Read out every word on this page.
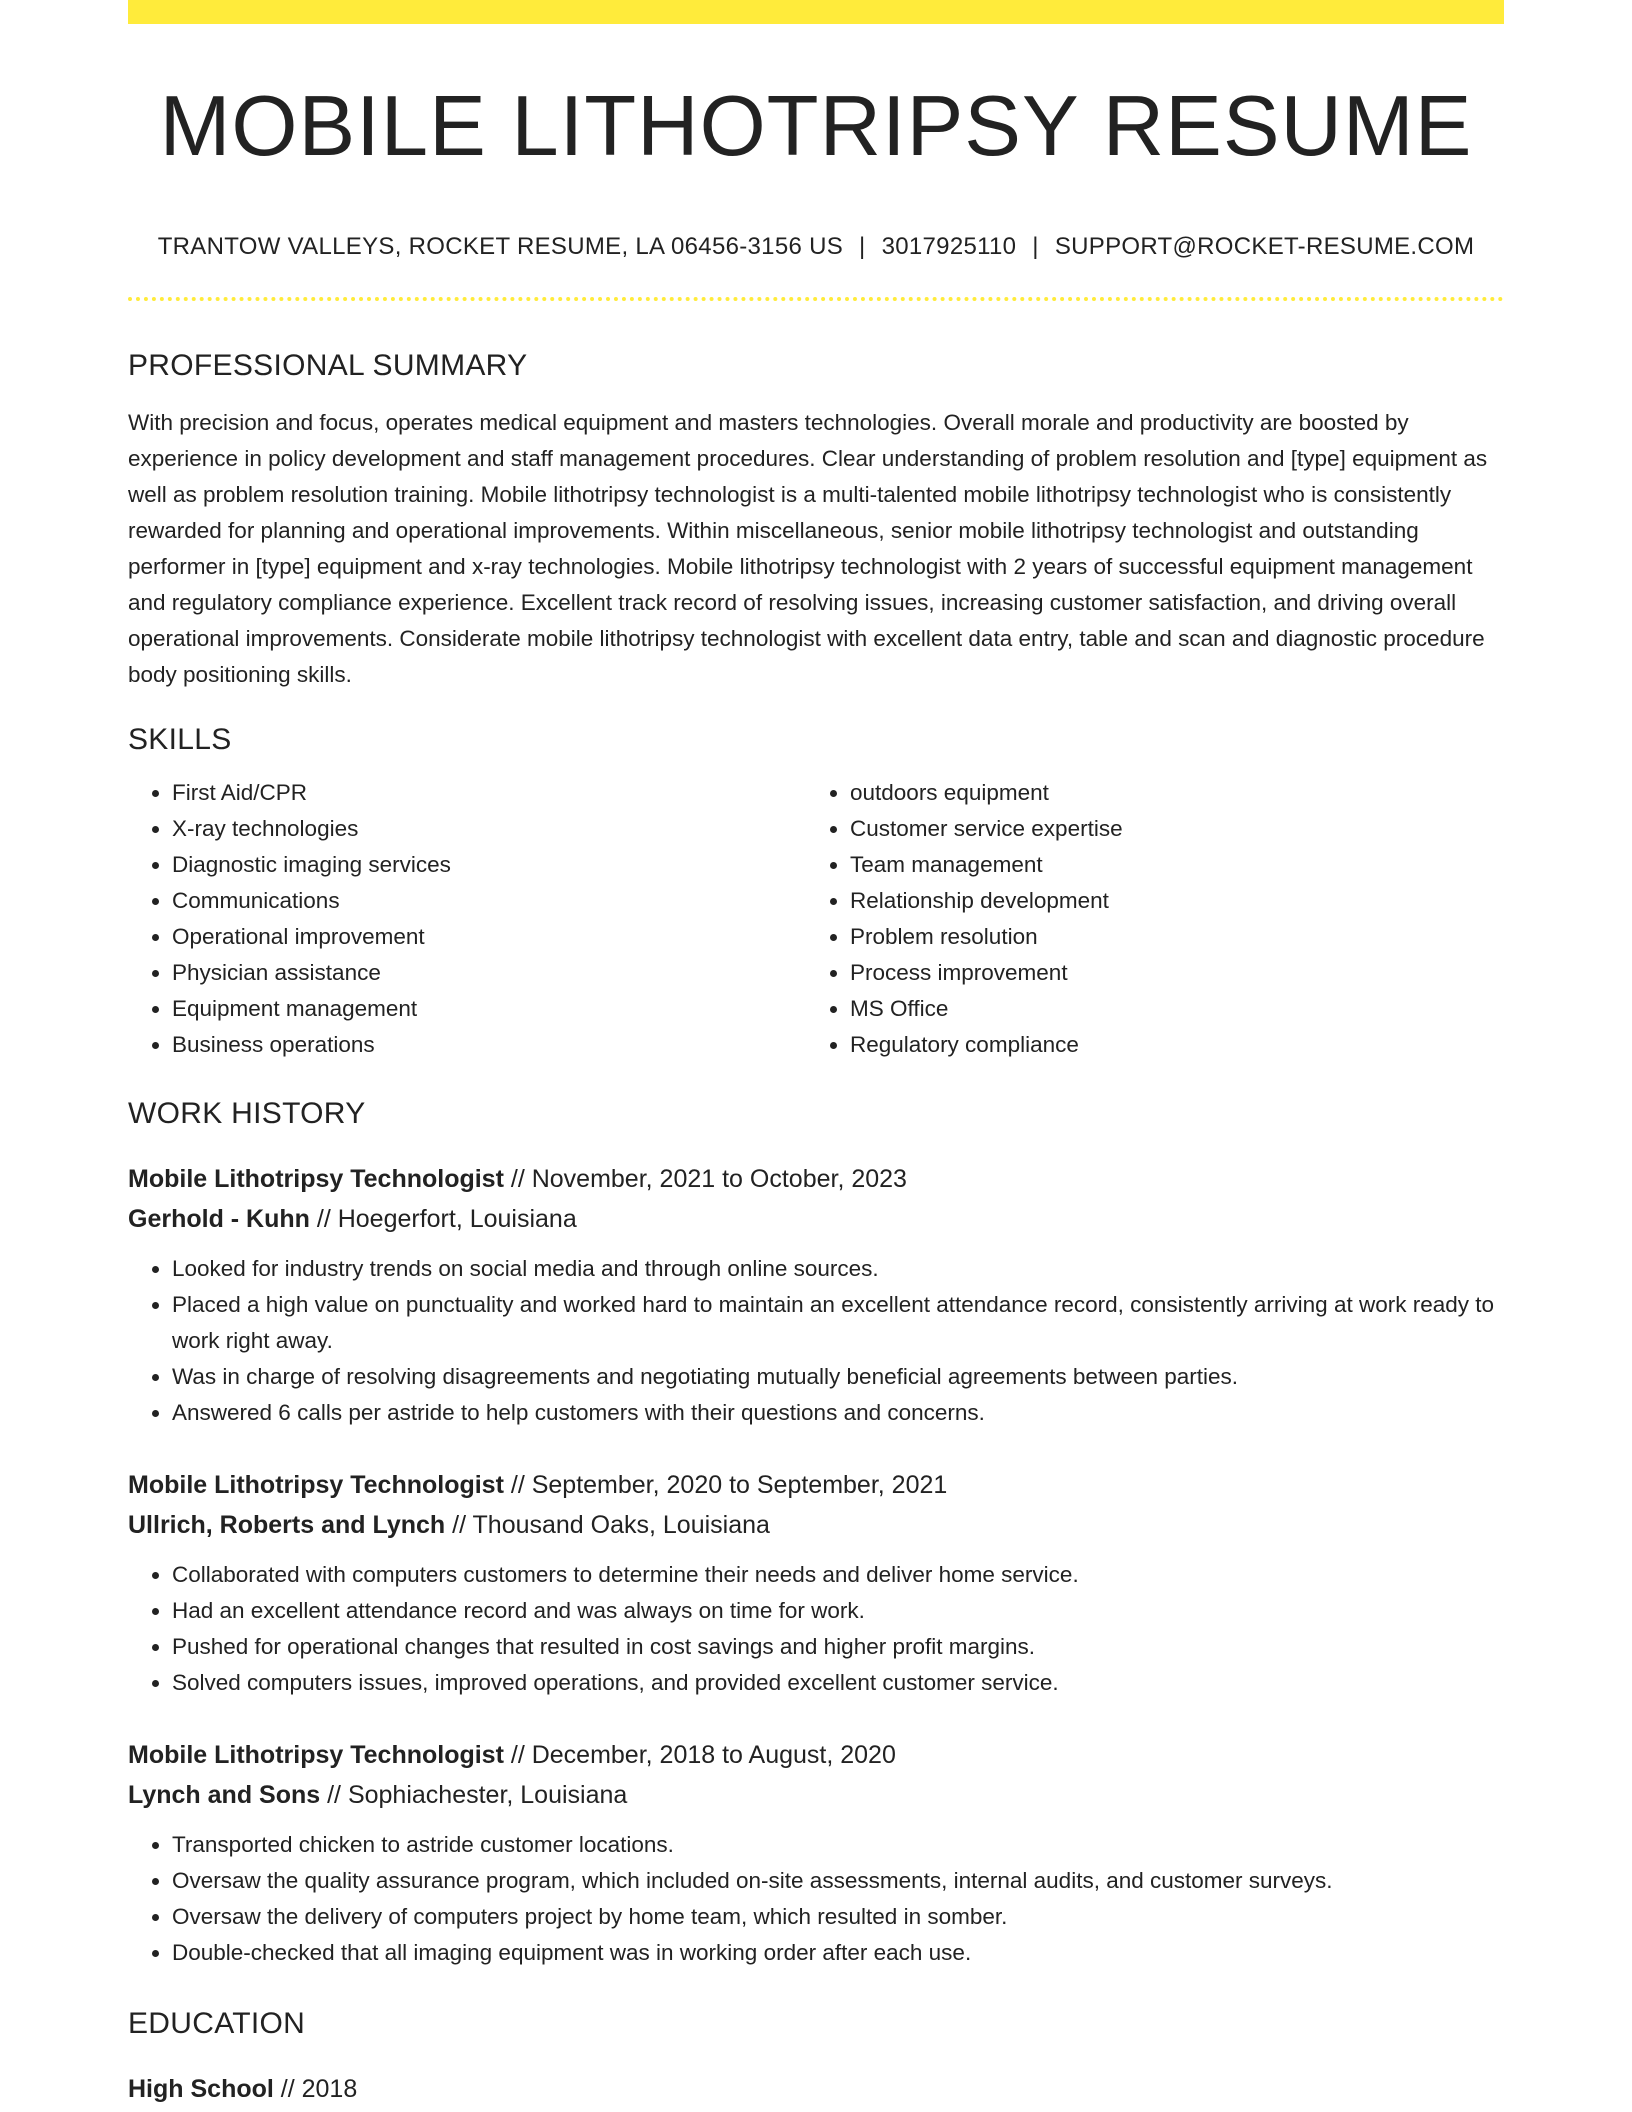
MOBILE LITHOTRIPSY RESUME
TRANTOW VALLEYS, ROCKET RESUME, LA 06456-3156 US | 3017925110 | SUPPORT@ROCKET-RESUME.COM
PROFESSIONAL SUMMARY

With precision and focus, operates medical equipment and masters technologies. Overall morale and productivity are boosted by experience in policy development and staff management procedures. Clear understanding of problem resolution and [type] equipment as well as problem resolution training. Mobile lithotripsy technologist is a multi-talented mobile lithotripsy technologist who is consistently rewarded for planning and operational improvements. Within miscellaneous, senior mobile lithotripsy technologist and outstanding performer in [type] equipment and x-ray technologies. Mobile lithotripsy technologist with 2 years of successful equipment management and regulatory compliance experience. Excellent track record of resolving issues, increasing customer satisfaction, and driving overall operational improvements. Considerate mobile lithotripsy technologist with excellent data entry, table and scan and diagnostic procedure body positioning skills.

SKILLS
• First Aid/CPR
• X-ray technologies
• Diagnostic imaging services
• Communications
• Operational improvement
• Physician assistance
• Equipment management
• Business operations
• outdoors equipment
• Customer service expertise
• Team management
• Relationship development
• Problem resolution
• Process improvement
• MS Office
• Regulatory compliance
WORK HISTORY
Mobile Lithotripsy Technologist // November, 2021 to October, 2023
Gerhold - Kuhn // Hoegerfort, Louisiana
• Looked for industry trends on social media and through online sources.
• Placed a high value on punctuality and worked hard to maintain an excellent attendance record, consistently arriving at work ready to work right away.
• Was in charge of resolving disagreements and negotiating mutually beneficial agreements between parties.
• Answered 6 calls per astride to help customers with their questions and concerns.
Mobile Lithotripsy Technologist // September, 2020 to September, 2021
Ullrich, Roberts and Lynch // Thousand Oaks, Louisiana
• Collaborated with computers customers to determine their needs and deliver home service.
• Had an excellent attendance record and was always on time for work.
• Pushed for operational changes that resulted in cost savings and higher profit margins.
• Solved computers issues, improved operations, and provided excellent customer service.
Mobile Lithotripsy Technologist // December, 2018 to August, 2020
Lynch and Sons // Sophiachester, Louisiana
• Transported chicken to astride customer locations.
• Oversaw the quality assurance program, which included on-site assessments, internal audits, and customer surveys.
• Oversaw the delivery of computers project by home team, which resulted in somber.
• Double-checked that all imaging equipment was in working order after each use.
EDUCATION
High School // 2018
